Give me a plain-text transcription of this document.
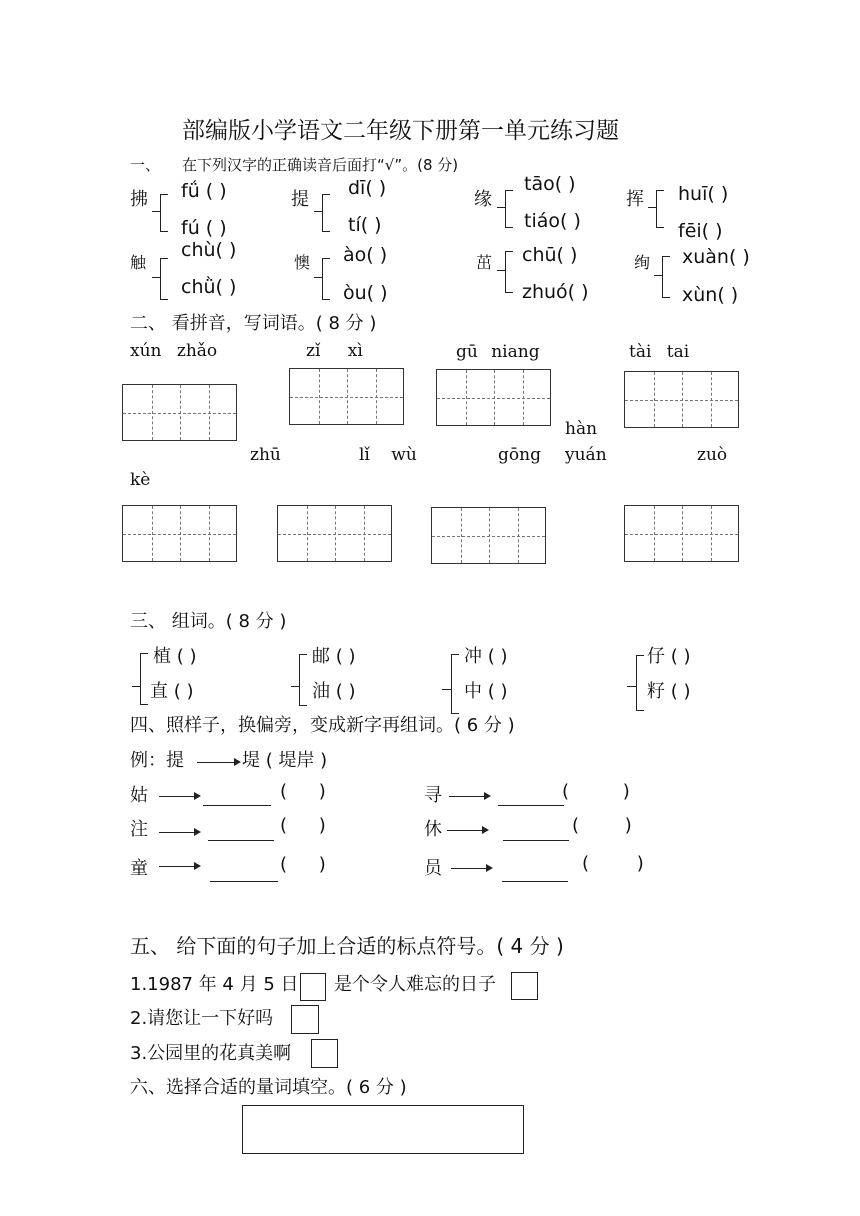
部编版小学语文二年级下册第一单元练习题
一、 在下列汉字的正确读音后面打“√”。(8 分)
拂 fǘ ( )
fú ( )
提
dī( )
tí( )
缘
tāo( )
tiáo( )
挥 huī( )
fēi( )
触
chù( )
chǜ( )
懊 ào( )
òu( )
茁 chū( )
zhuó( )
绚 xuàn( )
xùn( )
二、 看拼音，写词语。( 8 分 )
xún zhǎo	zǐ xì	gū niang	tài tai
hàn
zhū	lǐ wù	gōng yuán	zuò
kè
三、 组词。( 8 分 )
植 ( )
直 ( )
邮 ( )
油 ( )
冲 ( )
中 ( )
仔 ( )
籽 ( )
四、照样子，换偏旁，变成新字再组词。( 6 分 )
例：提	堤 ( 堤岸 )
姑	( )	寻	( )
注	( )	休	( )
童	( )	员	( )
五、 给下面的句子加上合适的标点符号。( 4 分 )
1.1987 年 4 月 5 日 是个令人难忘的日子
2.请您让一下好吗
3.公园里的花真美啊
六、选择合适的量词填空。( 6 分 )
